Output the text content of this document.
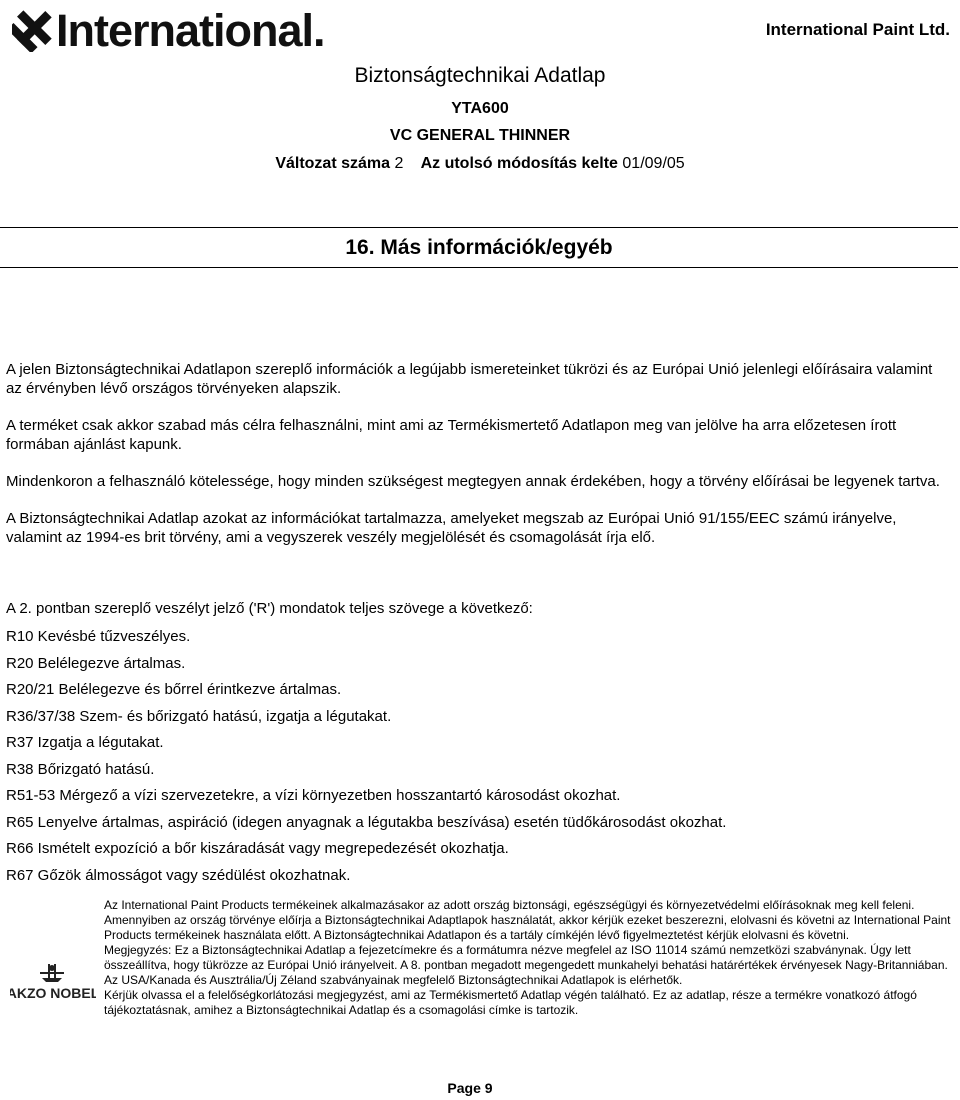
International.	International Paint Ltd.
Biztonságtechnikai Adatlap
YTA600
VC GENERAL THINNER
Változat száma 2 Az utolsó módosítás kelte 01/09/05
16. Más információk/egyéb

A jelen Biztonságtechnikai Adatlapon szereplő információk a legújabb ismereteinket tükrözi és az Európai Unió jelenlegi előírásaira valamint az érvényben lévő országos törvényeken alapszik.

A terméket csak akkor szabad más célra felhasználni, mint ami az Termékismertető Adatlapon meg van jelölve ha arra előzetesen írott formában ajánlást kapunk.

Mindenkoron a felhasználó kötelessége, hogy minden szükségest megtegyen annak érdekében, hogy a törvény előírásai be legyenek tartva.

A Biztonságtechnikai Adatlap azokat az információkat tartalmazza, amelyeket megszab az Európai Unió 91/155/EEC számú irányelve, valamint az 1994-es brit törvény, ami a vegyszerek veszély megjelölését és csomagolását írja elő.

A 2. pontban szereplő veszélyt jelző ('R') mondatok teljes szövege a következő:
R10 Kevésbé tűzveszélyes.
R20 Belélegezve ártalmas.
R20/21 Belélegezve és bőrrel érintkezve ártalmas.
R36/37/38 Szem- és bőrizgató hatású, izgatja a légutakat.
R37 Izgatja a légutakat.
R38 Bőrizgató hatású.
R51-53 Mérgező a vízi szervezetekre, a vízi környezetben hosszantartó károsodást okozhat.
R65 Lenyelve ártalmas, aspiráció (idegen anyagnak a légutakba beszívása) esetén tüdőkárosodást okozhat.
R66 Ismételt expozíció a bőr kiszáradását vagy megrepedezését okozhatja.
R67 Gőzök álmosságot vagy szédülést okozhatnak.
AKZO NOBEL

Az International Paint Products termékeinek alkalmazásakor az adott ország biztonsági, egészségügyi és környezetvédelmi előírásoknak meg kell feleni.

Amennyiben az ország törvénye előírja a Biztonságtechnikai Adaptlapok használatát, akkor kérjük ezeket beszerezni, elolvasni és követni az International Paint Products termékeinek használata előtt. A Biztonságtechnikai Adatlapon és a tartály címkéjén lévő figyelmeztetést kérjük elolvasni és követni.

Megjegyzés: Ez a Biztonságtechnikai Adatlap a fejezetcímekre és a formátumra nézve megfelel az ISO 11014 számú nemzetközi szabványnak. Úgy lett összeállítva, hogy tükrözze az Európai Unió irányelveit. A 8. pontban megadott megengedett munkahelyi behatási határértékek érvényesek Nagy-Britanniában. Az USA/Kanada és Ausztrália/Új Zéland szabványainak megfelelő Biztonságtechnikai Adatlapok is elérhetők.

Kérjük olvassa el a felelőségkorlátozási megjegyzést, ami az Termékismertető Adatlap végén található. Ez az adatlap, része a termékre vonatkozó átfogó tájékoztatásnak, amihez a Biztonságtechnikai Adatlap és a csomagolási címke is tartozik.

Page 9
